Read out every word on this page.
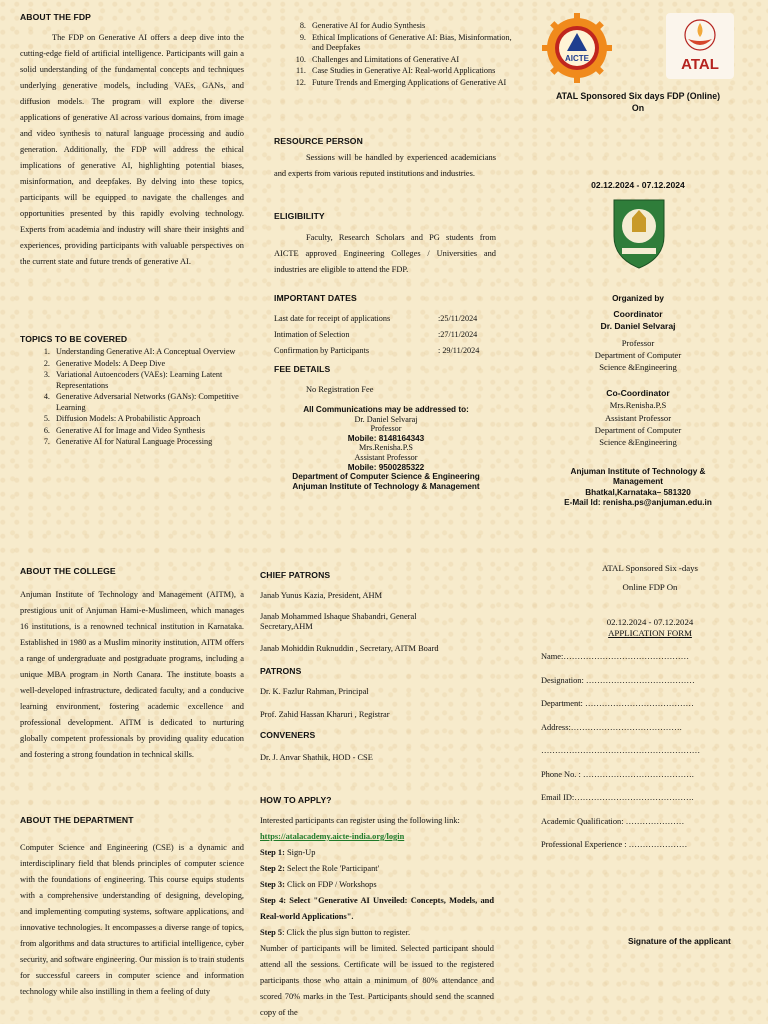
ABOUT THE FDP

The FDP on Generative AI offers a deep dive into the cutting-edge field of artificial intelligence. Participants will gain a solid understanding of the fundamental concepts and techniques underlying generative models, including VAEs, GANs, and diffusion models. The program will explore the diverse applications of generative AI across various domains, from image and video synthesis to natural language processing and audio generation. Additionally, the FDP will address the ethical implications of generative AI, highlighting potential biases, misinformation, and deepfakes. By delving into these topics, participants will be equipped to navigate the challenges and opportunities presented by this rapidly evolving technology. Experts from academia and industry will share their insights and experiences, providing participants with valuable perspectives on the current state and future trends of generative AI.

TOPICS TO BE COVERED
1. Understanding Generative AI: A Conceptual Overview
2. Generative Models: A Deep Dive
3. Variational Autoencoders (VAEs): Learning Latent Representations
4. Generative Adversarial Networks (GANs): Competitive Learning
5. Diffusion Models: A Probabilistic Approach
6. Generative AI for Image and Video Synthesis
7. Generative AI for Natural Language Processing
8. Generative AI for Audio Synthesis
9. Ethical Implications of Generative AI: Bias, Misinformation, and Deepfakes
10. Challenges and Limitations of Generative AI
11. Case Studies in Generative AI: Real-world Applications
12. Future Trends and Emerging Applications of Generative AI
RESOURCE PERSON

Sessions will be handled by experienced academicians and experts from various reputed institutions and industries.

ELIGIBILITY

Faculty, Research Scholars and PG students from AICTE approved Engineering Colleges / Universities and industries are eligible to attend the FDP.

IMPORTANT DATES
Last date for receipt of applications	:25/11/2024
Intimation of Selection	:27/11/2024
Confirmation by Participants	: 29/11/2024
FEE DETAILS
No Registration Fee
All Communications may be addressed to:
Dr. Daniel Selvaraj
Professor
Mobile: 8148164343
Mrs.Renisha.P.S
Assistant Professor
Mobile: 9500285322
Department of Computer Science & Engineering
Anjuman Institute of Technology & Management
AICTE	ATAL
ATAL Sponsored Six days FDP (Online)
On
02.12.2024 - 07.12.2024
Organized by
Coordinator
Dr. Daniel Selvaraj
Professor
Department of Computer
Science &Engineering
Co-Coordinator
Mrs.Renisha.P.S
Assistant Professor
Department of Computer
Science &Engineering
Anjuman Institute of Technology &
Management
Bhatkal,Karnataka– 581320
E-Mail Id: renisha.ps@anjuman.edu.in
ABOUT THE COLLEGE

Anjuman Institute of Technology and Management (AITM), a prestigious unit of Anjuman Hami-e-Muslimeen, which manages 16 institutions, is a renowned technical institution in Karnataka. Established in 1980 as a Muslim minority institution, AITM offers a range of undergraduate and postgraduate programs, including a unique MBA program in North Canara. The institute boasts a well-developed infrastructure, dedicated faculty, and a conducive learning environment, fostering academic excellence and professional development. AITM is dedicated to nurturing globally competent professionals by providing quality education and fostering a strong foundation in technical skills.

ABOUT THE DEPARTMENT

Computer Science and Engineering (CSE) is a dynamic and interdisciplinary field that blends principles of computer science with the foundations of engineering. This course equips students with a comprehensive understanding of designing, developing, and implementing computing systems, software applications, and innovative technologies. It encompasses a diverse range of topics, from algorithms and data structures to artificial intelligence, cyber security, and software engineering. Our mission is to train students for successful careers in computer science and information technology while also instilling in them a feeling of duty

CHIEF PATRONS
Janab Yunus Kazia, President, AHM
Janab Mohammed Ishaque Shabandri, General Secretary,AHM
Janab Mohiddin Ruknuddin , Secretary, AITM Board
PATRONS
Dr. K. Fazlur Rahman, Principal
Prof. Zahid Hassan Kharuri , Registrar
CONVENERS
Dr. J. Anvar Shathik, HOD - CSE
HOW TO APPLY?
Interested participants can register using the following link:
https://atalacademy.aicte-india.org/login
Step 1: Sign-Up
Step 2: Select the Role 'Participant'
Step 3: Click on FDP / Workshops
Step 4: Select "Generative AI Unveiled: Concepts, Models, and Real-world Applications".
Step 5: Click the plus sign button to register.
Number of participants will be limited. Selected participant should attend all the sessions. Certificate will be issued to the registered participants those who attain a minimum of 80% attendance and scored 70% marks in the Test. Participants should send the scanned copy of the
ATAL Sponsored Six -days
Online FDP On
02.12.2024 - 07.12.2024
APPLICATION FORM
Name:………………………………………
Designation: …………………………………
Department: …………………………………
Address:………………………………….
…………………………………………………
Phone No. : ………………………………….
Email ID:…………………………………….
Academic Qualification: …………………
Professional Experience : …………………
Signature of the applicant
